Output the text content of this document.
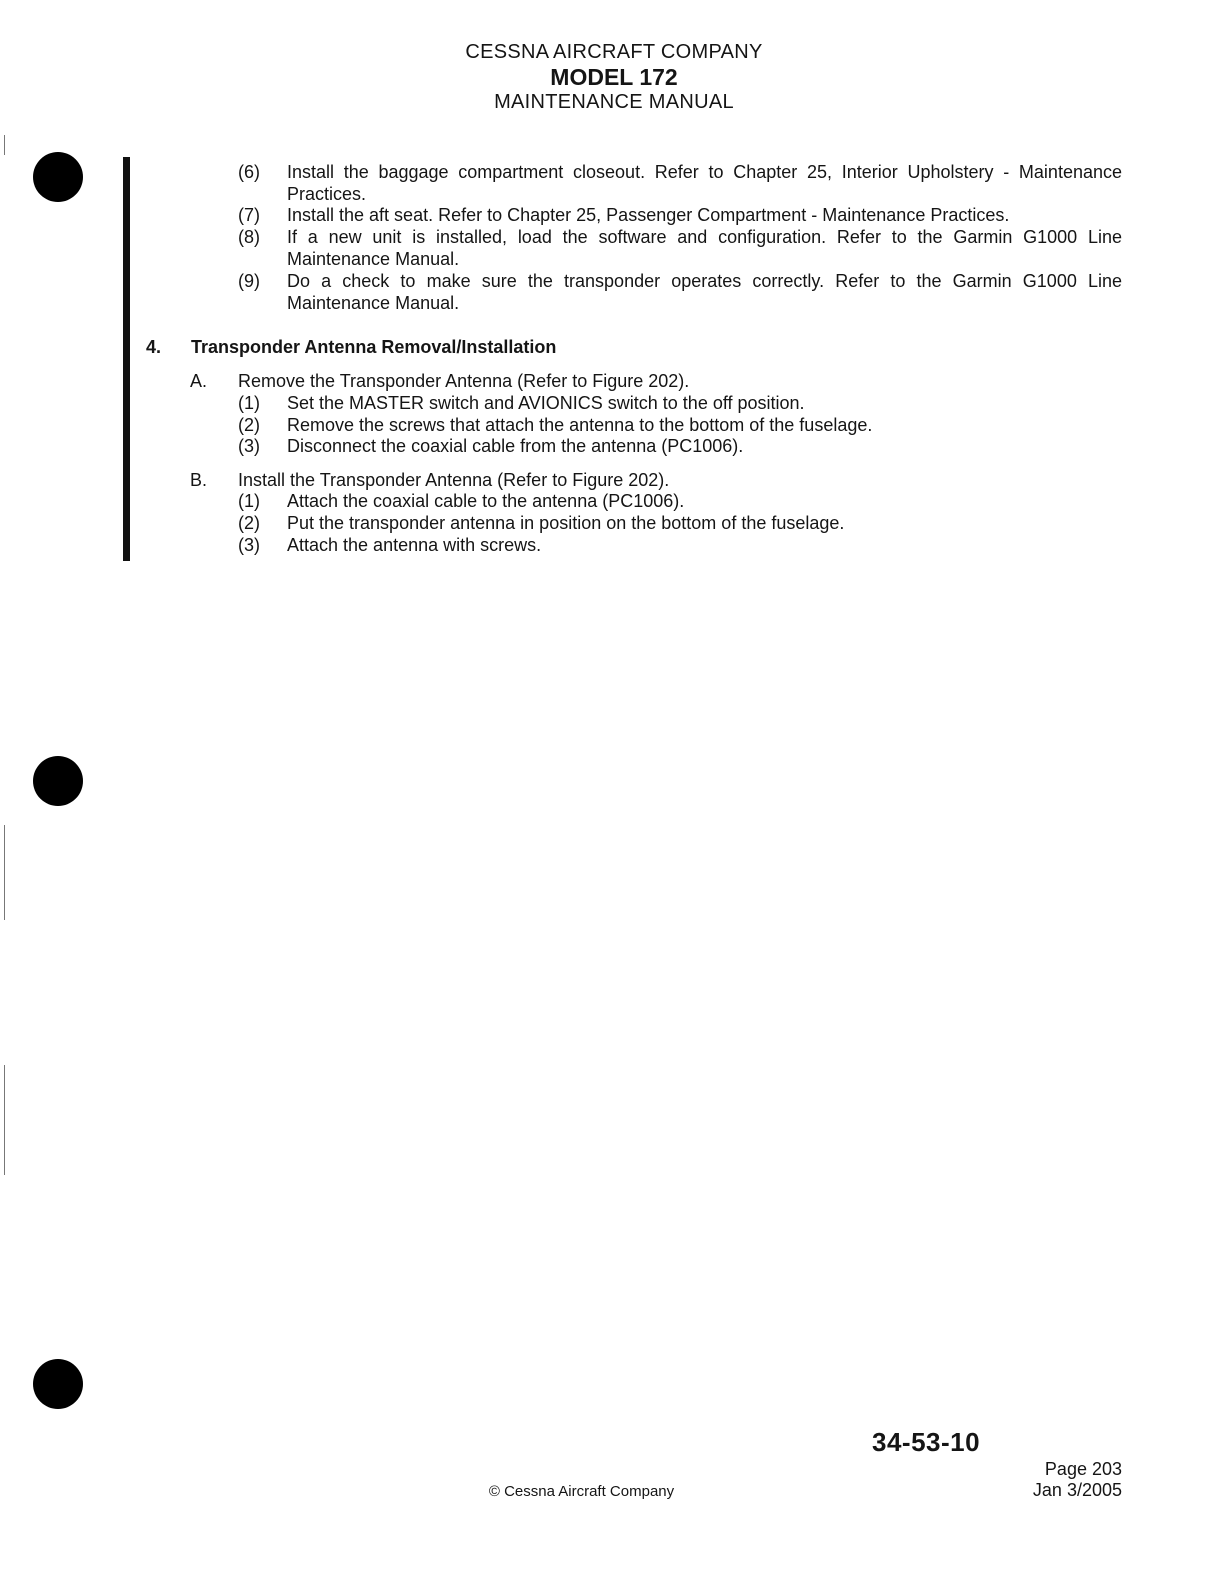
CESSNA AIRCRAFT COMPANY
MODEL 172
MAINTENANCE MANUAL
(6) Install the baggage compartment closeout. Refer to Chapter 25, Interior Upholstery - Maintenance Practices.
(7) Install the aft seat. Refer to Chapter 25, Passenger Compartment - Maintenance Practices.
(8) If a new unit is installed, load the software and configuration. Refer to the Garmin G1000 Line Maintenance Manual.
(9) Do a check to make sure the transponder operates correctly. Refer to the Garmin G1000 Line Maintenance Manual.
4. Transponder Antenna Removal/Installation
A. Remove the Transponder Antenna (Refer to Figure 202).
(1) Set the MASTER switch and AVIONICS switch to the off position.
(2) Remove the screws that attach the antenna to the bottom of the fuselage.
(3) Disconnect the coaxial cable from the antenna (PC1006).
B. Install the Transponder Antenna (Refer to Figure 202).
(1) Attach the coaxial cable to the antenna (PC1006).
(2) Put the transponder antenna in position on the bottom of the fuselage.
(3) Attach the antenna with screws.
34-53-10
Page 203
Jan 3/2005
© Cessna Aircraft Company
